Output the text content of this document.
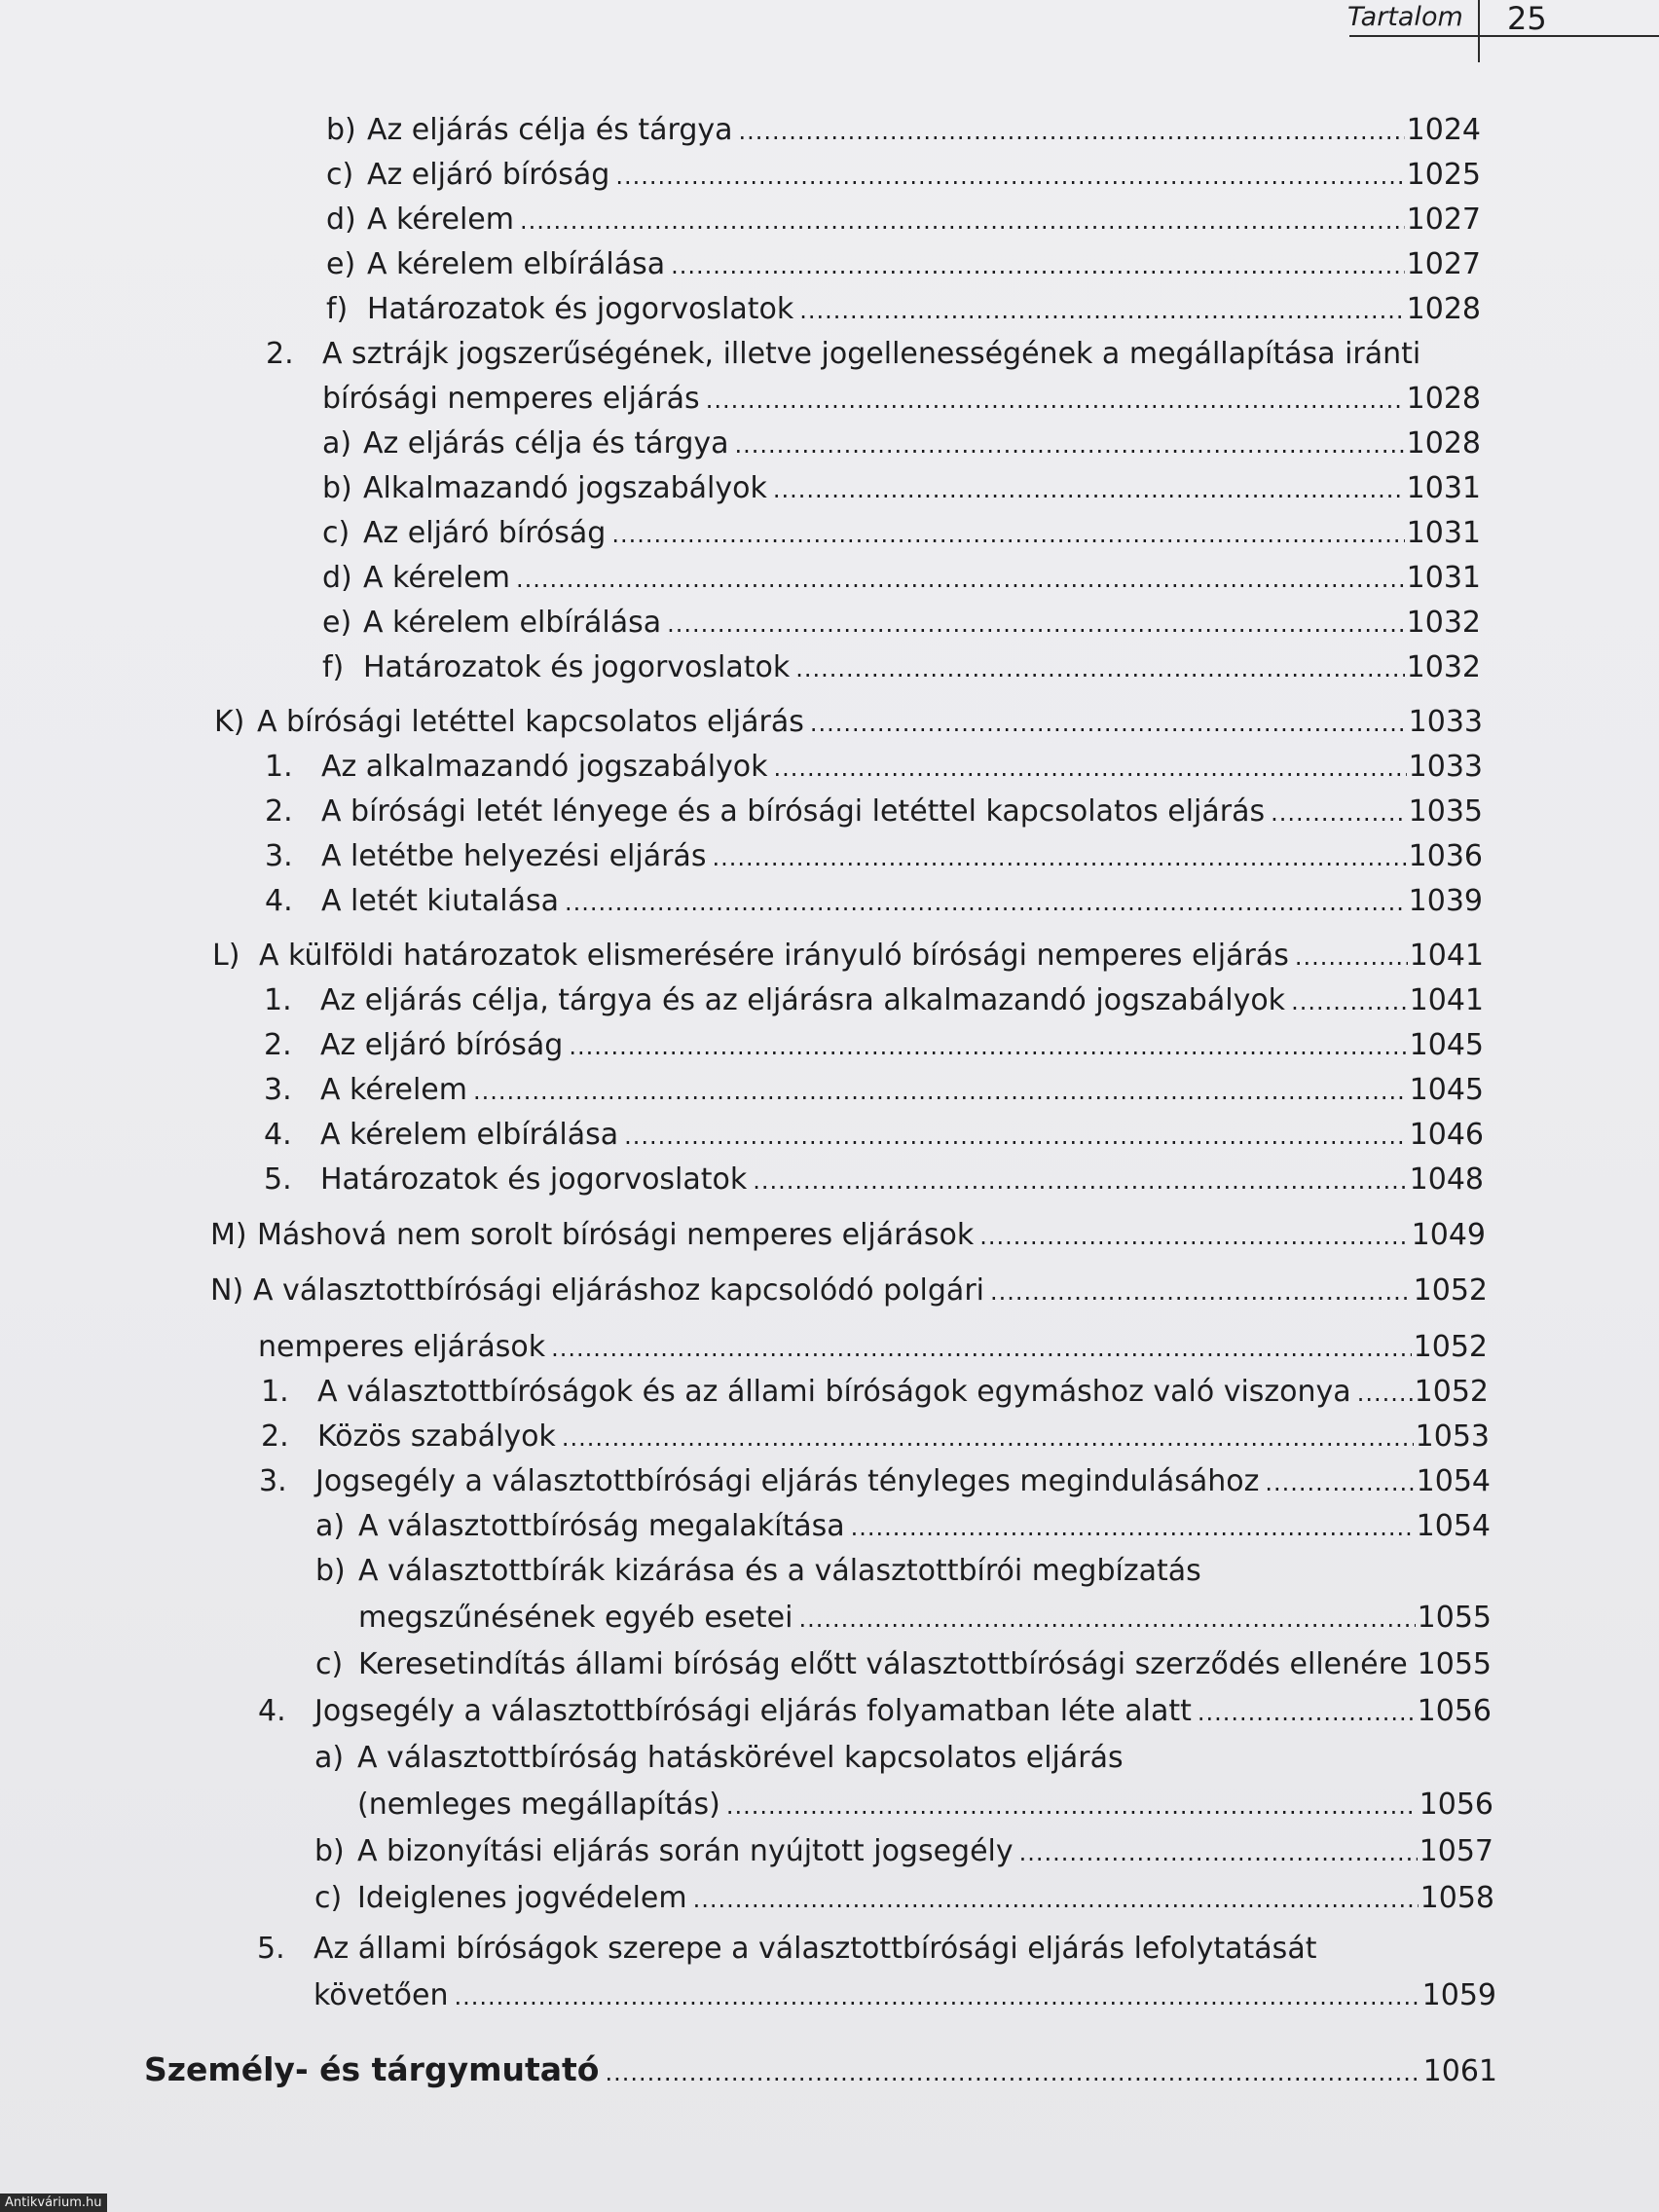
Tartalom 25
b) Az eljárás célja és tárgya .....	1024
c) Az eljáró bíróság .....	1025
d) A kérelem .....	1027
e) A kérelem elbírálása .....	1027
f) Határozatok és jogorvoslatok .....	1028
2. A sztrájk jogszerűségének, illetve jogellenességének a megállapítása iránti
bírósági nemperes eljárás .....	1028
a) Az eljárás célja és tárgya .....	1028
b) Alkalmazandó jogszabályok .....	1031
c) Az eljáró bíróság .....	1031
d) A kérelem .....	1031
e) A kérelem elbírálása .....	1032
f) Határozatok és jogorvoslatok .....	1032
K) A bírósági letéttel kapcsolatos eljárás .....	1033
1. Az alkalmazandó jogszabályok .....	1033
2. A bírósági letét lényege és a bírósági letéttel kapcsolatos eljárás .....	1035
3. A letétbe helyezési eljárás .....	1036
4. A letét kiutalása .....	1039
L) A külföldi határozatok elismerésére irányuló bírósági nemperes eljárás .....	1041
1. Az eljárás célja, tárgya és az eljárásra alkalmazandó jogszabályok .....	1041
2. Az eljáró bíróság .....	1045
3. A kérelem .....	1045
4. A kérelem elbírálása .....	1046
5. Határozatok és jogorvoslatok .....	1048
M) Máshová nem sorolt bírósági nemperes eljárások .....	1049
N) A választottbírósági eljáráshoz kapcsolódó polgári .....	1052
nemperes eljárások .....	1052
1. A választottbíróságok és az állami bíróságok egymáshoz való viszonya ..... 1052
2. Közös szabályok .....	1053
3. Jogsegély a választottbírósági eljárás tényleges megindulásához .....	1054
a) A választottbíróság megalakítása .....	1054
b) A választottbírák kizárása és a választottbírói megbízatás
megszűnésének egyéb esetei .....	1055
c) Keresetindítás állami bíróság előtt választottbírósági szerződés ellenére ..... 1055
4. Jogsegély a választottbírósági eljárás folyamatban léte alatt .....	1056
a) A választottbíróság hatáskörével kapcsolatos eljárás
(nemleges megállapítás) .....	1056
b) A bizonyítási eljárás során nyújtott jogsegély .....	1057
c) Ideiglenes jogvédelem .....	1058
5. Az állami bíróságok szerepe a választottbírósági eljárás lefolytatását
követően .....	1059
Személy- és tárgymutató .....	1061
Antikvárium.hu
